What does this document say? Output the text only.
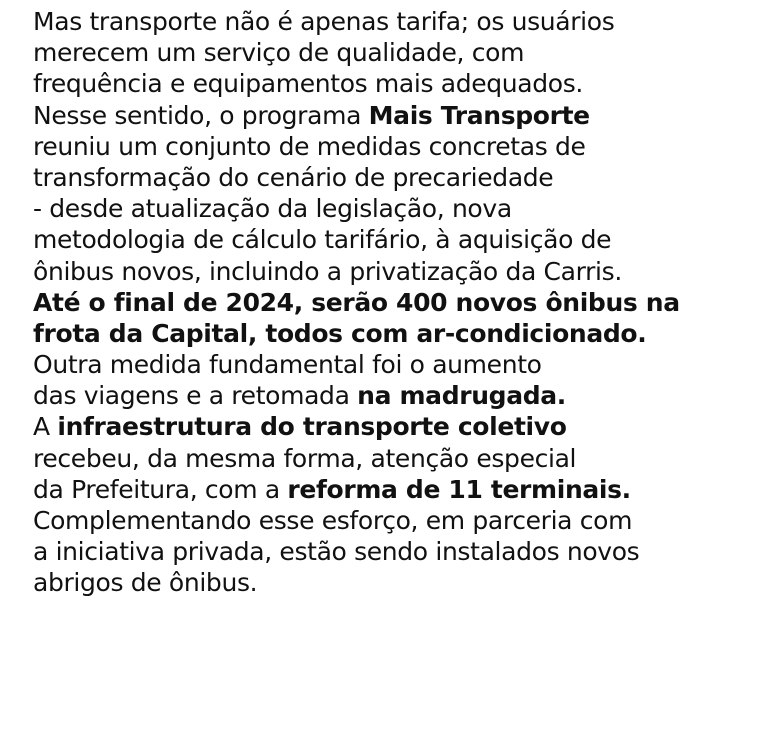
Mas transporte não é apenas tarifa; os usuários
merecem um serviço de qualidade, com
frequência e equipamentos mais adequados.
Nesse sentido, o programa Mais Transporte
reuniu um conjunto de medidas concretas de
transformação do cenário de precariedade
- desde atualização da legislação, nova
metodologia de cálculo tarifário, à aquisição de
ônibus novos, incluindo a privatização da Carris.
Até o final de 2024, serão 400 novos ônibus na
frota da Capital, todos com ar-condicionado.
Outra medida fundamental foi o aumento
das viagens e a retomada na madrugada.
A infraestrutura do transporte coletivo
recebeu, da mesma forma, atenção especial
da Prefeitura, com a reforma de 11 terminais.
Complementando esse esforço, em parceria com
a iniciativa privada, estão sendo instalados novos
abrigos de ônibus.
